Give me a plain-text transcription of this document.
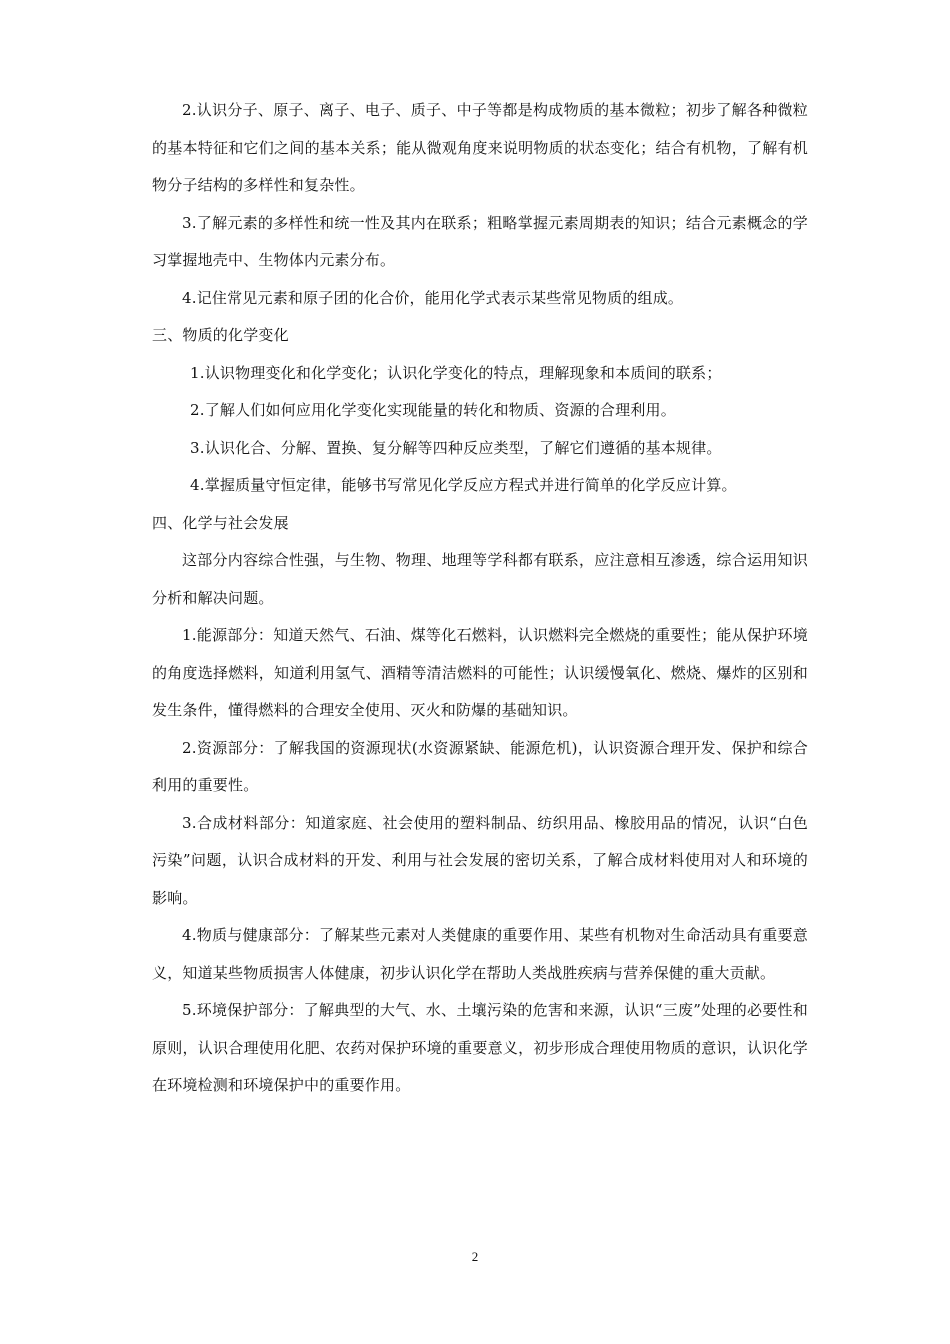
2.认识分子、原子、离子、电子、质子、中子等都是构成物质的基本微粒；初步了解各种微粒的基本特征和它们之间的基本关系；能从微观角度来说明物质的状态变化；结合有机物，了解有机物分子结构的多样性和复杂性。

3.了解元素的多样性和统一性及其内在联系；粗略掌握元素周期表的知识；结合元素概念的学习掌握地壳中、生物体内元素分布。

4.记住常见元素和原子团的化合价，能用化学式表示某些常见物质的组成。

三、物质的化学变化

1.认识物理变化和化学变化；认识化学变化的特点，理解现象和本质间的联系；

2.了解人们如何应用化学变化实现能量的转化和物质、资源的合理利用。

3.认识化合、分解、置换、复分解等四种反应类型，了解它们遵循的基本规律。

4.掌握质量守恒定律，能够书写常见化学反应方程式并进行简单的化学反应计算。

四、化学与社会发展

这部分内容综合性强，与生物、物理、地理等学科都有联系，应注意相互渗透，综合运用知识分析和解决问题。

1.能源部分：知道天然气、石油、煤等化石燃料，认识燃料完全燃烧的重要性；能从保护环境的角度选择燃料，知道利用氢气、酒精等清洁燃料的可能性；认识缓慢氧化、燃烧、爆炸的区别和发生条件，懂得燃料的合理安全使用、灭火和防爆的基础知识。

2.资源部分：了解我国的资源现状(水资源紧缺、能源危机)，认识资源合理开发、保护和综合利用的重要性。

3.合成材料部分：知道家庭、社会使用的塑料制品、纺织用品、橡胶用品的情况，认识“白色污染”问题，认识合成材料的开发、利用与社会发展的密切关系，了解合成材料使用对人和环境的影响。

4.物质与健康部分：了解某些元素对人类健康的重要作用、某些有机物对生命活动具有重要意义，知道某些物质损害人体健康，初步认识化学在帮助人类战胜疾病与营养保健的重大贡献。

5.环境保护部分：了解典型的大气、水、土壤污染的危害和来源，认识“三废”处理的必要性和原则，认识合理使用化肥、农药对保护环境的重要意义，初步形成合理使用物质的意识，认识化学在环境检测和环境保护中的重要作用。

2
